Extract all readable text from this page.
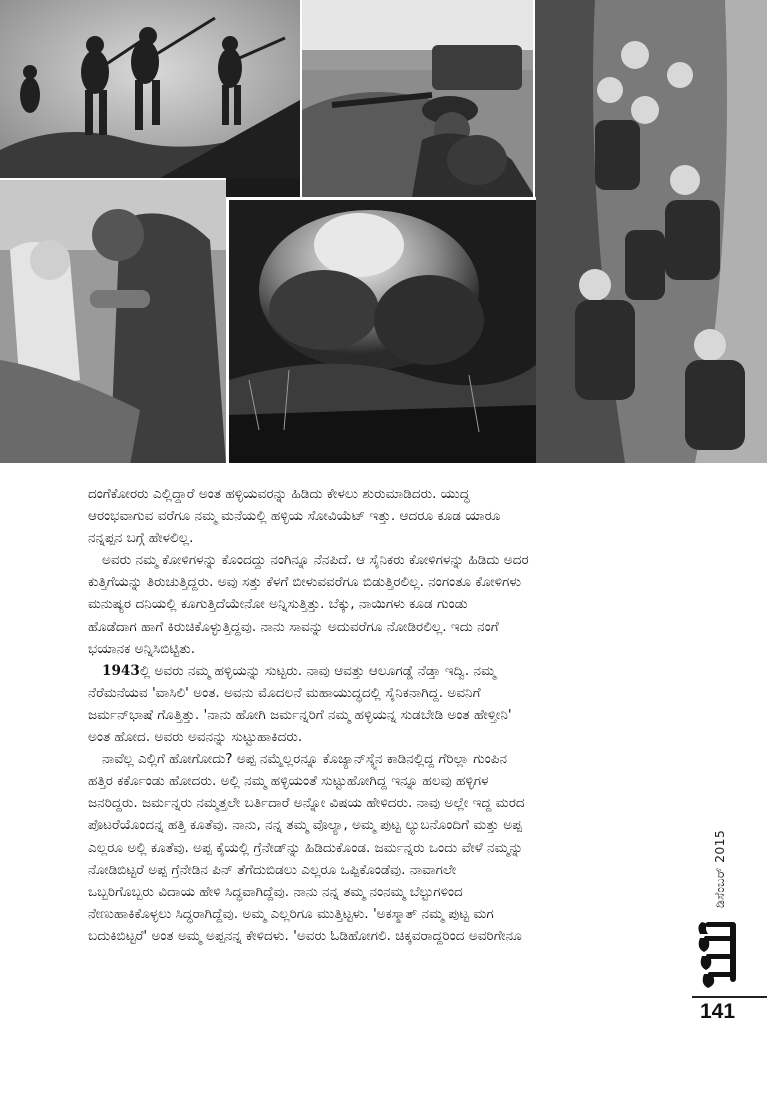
ದಂಗೆಕೋರರು ಎಲ್ಲಿದ್ದಾರೆ ಅಂತ ಹಳ್ಳಿಯವರನ್ನು ಹಿಡಿದು ಕೇಳಲು ಶುರುಮಾಡಿದರು. ಯುದ್ಧ
ಆರಂಭವಾಗುವ ವರೆಗೂ ನಮ್ಮ ಮನೆಯಲ್ಲಿ ಹಳ್ಳಿಯ ಸೋವಿಯೆಟ್ ಇತ್ತು. ಆದರೂ ಕೂಡ ಯಾರೂ
ನನ್ನಪ್ಪನ ಬಗ್ಗೆ ಹೇಳಲಿಲ್ಲ.

ಅವರು ನಮ್ಮ ಕೋಳಿಗಳನ್ನು ಕೊಂದದ್ದು ನಂಗಿನ್ನೂ ನೆನಪಿದೆ. ಆ ಸೈನಿಕರು ಕೋಳಿಗಳನ್ನು ಹಿಡಿದು ಅದರ
ಕುತ್ತಿಗೆಯನ್ನು ತಿರುಚುತ್ತಿದ್ದರು. ಅವು ಸತ್ತು ಕೆಳಗೆ ಬೀಳುವವರೆಗೂ ಬಿಡುತ್ತಿರಲಿಲ್ಲ. ನಂಗಂತೂ ಕೋಳಿಗಳು
ಮನುಷ್ಯರ ದನಿಯಲ್ಲಿ ಕೂಗುತ್ತಿದೆಯೇನೋ ಅನ್ನಿಸುತ್ತಿತ್ತು. ಬೆಕ್ಕು, ನಾಯಿಗಳು ಕೂಡ ಗುಂಡು
ಹೊಡೆದಾಗ ಹಾಗೆ ಕಿರುಚಿಕೊಳ್ಳುತ್ತಿದ್ದವು. ನಾನು ಸಾವನ್ನು ಅದುವರೆಗೂ ನೋಡಿರಲಿಲ್ಲ. ಇದು ನಂಗೆ
ಭಯಾನಕ ಅನ್ನಿಸಿಬಿಟ್ಟಿತು.

1943ಲ್ಲಿ ಅವರು ನಮ್ಮ ಹಳ್ಳಿಯನ್ನು ಸುಟ್ಟರು. ನಾವು ಆವತ್ತು ಆಲೂಗಡ್ಡೆ ನೆಡ್ತಾ ಇದ್ವಿ. ನಮ್ಮ
ನೆರೆಮನೆಯವ 'ವಾಸಿಲಿ' ಅಂತ. ಅವನು ಮೊದಲನೆ ಮಹಾಯುದ್ಧದಲ್ಲಿ ಸೈನಿಕನಾಗಿದ್ದ. ಅವನಿಗೆ
ಜರ್ಮನ್‌ಭಾಷೆ ಗೊತ್ತಿತ್ತು. 'ನಾನು ಹೋಗಿ ಜರ್ಮನ್ನರಿಗೆ ನಮ್ಮ ಹಳ್ಳಿಯನ್ನ ಸುಡಬೇಡಿ ಅಂತ ಹೇಳ್ತೀನಿ'
ಅಂತ ಹೋದ. ಅವರು ಅವನನ್ನು ಸುಟ್ಟುಹಾಕಿದರು.

ನಾವೆಲ್ಲ ಎಲ್ಲಿಗೆ ಹೋಗೋದು? ಅಪ್ಪ ನಮ್ಮೆಲ್ಲರನ್ನೂ ಕೊಜ್ಯಾನ್‌ಸ್ಕ್ಯೆನ ಕಾಡಿನಲ್ಲಿದ್ದ ಗೆರಿಲ್ಲಾ ಗುಂಪಿನ
ಹತ್ತಿರ ಕರ್ಕೊಂಡು ಹೋದರು. ಅಲ್ಲಿ ನಮ್ಮ ಹಳ್ಳಿಯಂತೆ ಸುಟ್ಟುಹೋಗಿದ್ದ ಇನ್ನೂ ಹಲವು ಹಳ್ಳಿಗಳ
ಜನರಿದ್ದರು. ಜರ್ಮನ್ನರು ನಮ್ಮತ್ತಲೇ ಬರ್ತಿದಾರೆ ಅನ್ನೋ ವಿಷಯ ಹೇಳಿದರು. ನಾವು ಅಲ್ಲೇ ಇದ್ದ ಮರದ
ಪೊಟರೆಯೊಂದನ್ನ ಹತ್ತಿ ಕೂತೆವು. ನಾನು, ನನ್ನ ತಮ್ಮ ವೊಲ್ಯಾ, ಅಮ್ಮ ಪುಟ್ಟ ಲ್ಯುಬನೊಂದಿಗೆ ಮತ್ತು ಅಪ್ಪ
ಎಲ್ಲರೂ ಅಲ್ಲಿ ಕೂತೆವು. ಅಪ್ಪ ಕೈಯಲ್ಲಿ ಗ್ರೆನೇಡ್‌ನ್ನು ಹಿಡಿದುಕೊಂಡ. ಜರ್ಮನ್ನರು ಒಂದು ವೇಳೆ ನಮ್ಮನ್ನು
ನೋಡಿಬಿಟ್ಟರೆ ಅಪ್ಪ ಗ್ರೆನೇಡಿನ ಪಿನ್ ತೆಗೆದುಬಿಡಲು ಎಲ್ಲರೂ ಒಪ್ಪಿಕೊಂಡೆವು. ನಾವಾಗಲೇ
ಒಬ್ಬರಿಗೊಬ್ಬರು ವಿದಾಯ ಹೇಳಿ ಸಿದ್ಧವಾಗಿದ್ದೆವು. ನಾನು ನನ್ನ ತಮ್ಮ ನಂನಮ್ಮ ಬೆಲ್ಟುಗಳಿಂದ
ನೇಣುಹಾಕಿಕೊಳ್ಳಲು ಸಿದ್ಧರಾಗಿದ್ದೆವು. ಅಮ್ಮ ಎಲ್ಲರಿಗೂ ಮುತ್ತಿಟ್ಟಳು. 'ಅಕಸ್ಮಾತ್ ನಮ್ಮ ಪುಟ್ಟ ಮಗ
ಬದುಕಿಬಿಟ್ಟರೆ' ಅಂತ ಅಮ್ಮ ಅಪ್ಪನನ್ನ ಕೇಳಿದಳು. 'ಅವರು ಓಡಿಹೋಗಲಿ. ಚಿಕ್ಕವರಾದ್ದರಿಂದ ಅವರಿಗೇನೂ

ಡಿಸೆಂಬರ್ 2015
141
